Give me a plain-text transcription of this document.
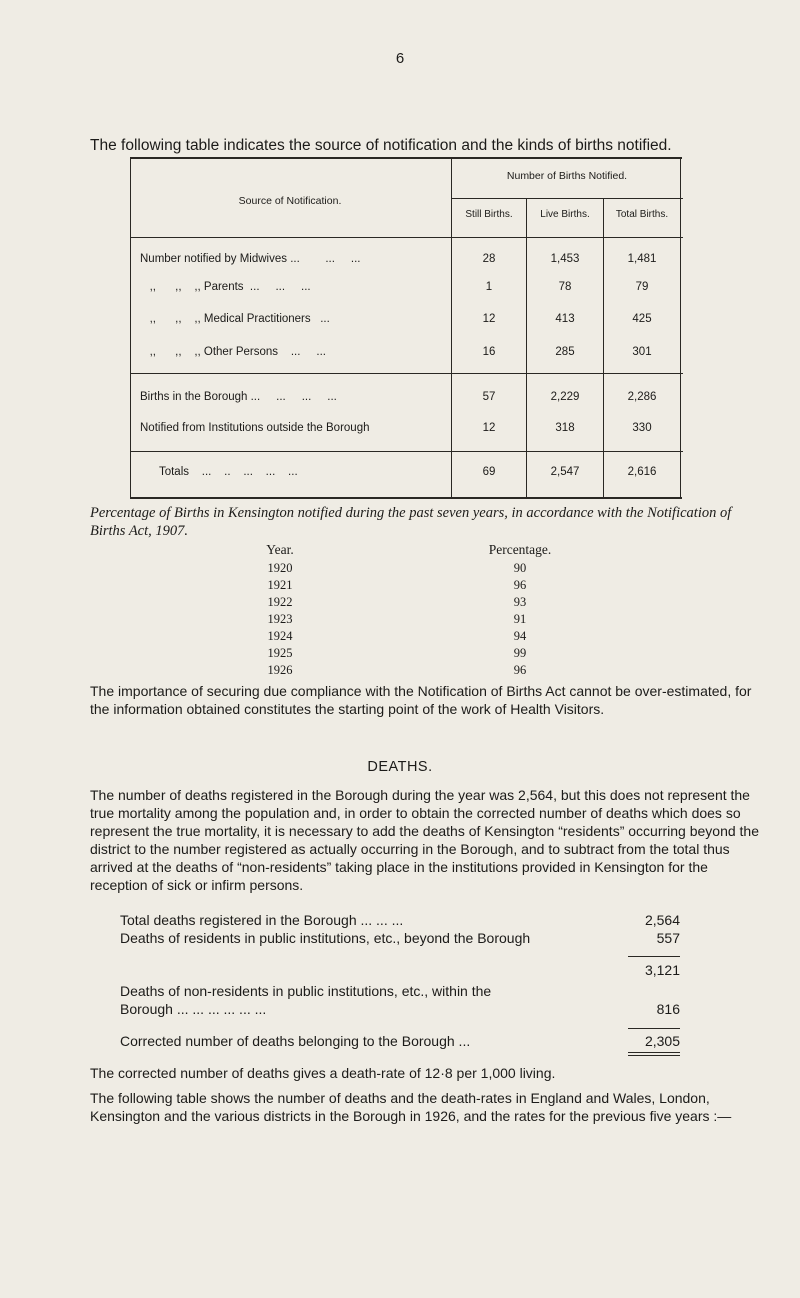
6
The following table indicates the source of notification and the kinds of births notified.
Source of Notification.
Number of Births Notified.
Still Births.	Live Births.	Total Births.
Number notified by Midwives ...        ...     ...	28	1,453	1,481
,,      ,,    ,, Parents  ...     ...     ...	1	78	79
,,      ,,    ,, Medical Practitioners   ...	12	413	425
,,      ,,    ,, Other Persons    ...     ...	16	285	301
Births in the Borough ...     ...     ...     ...	57	2,229	2,286
Notified from Institutions outside the Borough	12	318	330
Totals    ...    ..    ...    ...    ...	69	2,547	2,616
Percentage of Births in Kensington notified during the past seven years, in accordance with the Notification of Births Act, 1907.
Year.	Percentage.
1920	90
1921	96
1922	93
1923	91
1924	94
1925	99
1926	96
The importance of securing due compliance with the Notification of Births Act cannot be over-estimated, for the information obtained constitutes the starting point of the work of Health Visitors.
DEATHS.
The number of deaths registered in the Borough during the year was 2,564, but this does not represent the true mortality among the population and, in order to obtain the corrected number of deaths which does so represent the true mortality, it is necessary to add the deaths of Kensington “residents” occurring beyond the district to the number registered as actually occurring in the Borough, and to subtract from the total thus arrived at the deaths of “non-residents” taking place in the institutions provided in Kensington for the reception of sick or infirm persons.
Total deaths registered in the Borough ... ... ...	2,564
Deaths of residents in public institutions, etc., beyond the Borough	557
3,121
Deaths of non-residents in public institutions, etc., within the
Borough ... ... ... ... ... ...	816
Corrected number of deaths belonging to the Borough ...	2,305
The corrected number of deaths gives a death-rate of 12·8 per 1,000 living.
The following table shows the number of deaths and the death-rates in England and Wales, London, Kensington and the various districts in the Borough in 1926, and the rates for the previous five years :—
